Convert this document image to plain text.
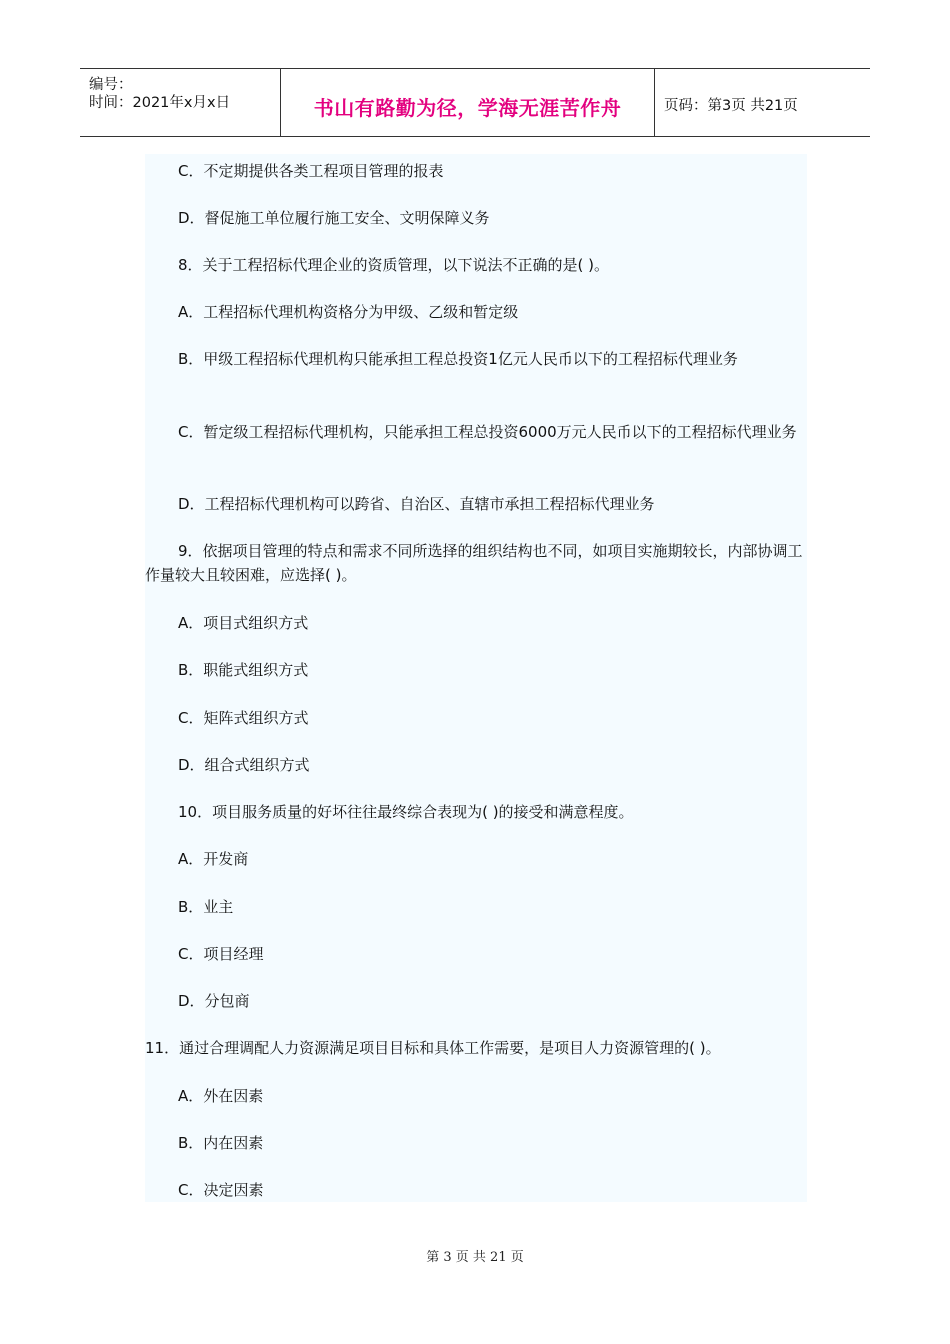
编号：
时间：2021年x月x日	书山有路勤为径，学海无涯苦作舟	页码：第3页 共21页
C．不定期提供各类工程项目管理的报表
D．督促施工单位履行施工安全、文明保障义务
8．关于工程招标代理企业的资质管理，以下说法不正确的是( )。
A．工程招标代理机构资格分为甲级、乙级和暂定级
B．甲级工程招标代理机构只能承担工程总投资1亿元人民币以下的工程招标代理业务
C．暂定级工程招标代理机构，只能承担工程总投资6000万元人民币以下的工程招标代理业务
D．工程招标代理机构可以跨省、自治区、直辖市承担工程招标代理业务
9．依据项目管理的特点和需求不同所选择的组织结构也不同，如项目实施期较长，内部协调工作量较大且较困难，应选择( )。
A．项目式组织方式
B．职能式组织方式
C．矩阵式组织方式
D．组合式组织方式
10．项目服务质量的好坏往往最终综合表现为( )的接受和满意程度。
A．开发商
B．业主
C．项目经理
D．分包商
11．通过合理调配人力资源满足项目目标和具体工作需要，是项目人力资源管理的( )。
A．外在因素
B．内在因素
C．决定因素
第 3 页 共 21 页
